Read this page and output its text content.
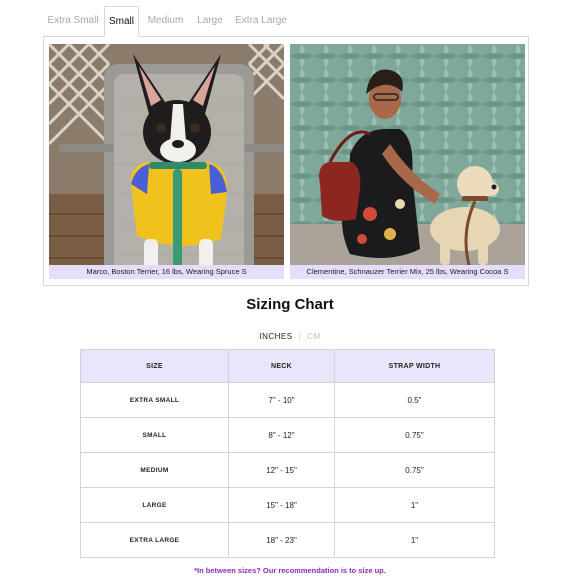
Extra Small	Small	Medium	Large	Extra Large
Marco, Boston Terrier, 16 lbs, Wearing Spruce S	Clementine, Schnauzer Terrier Mix, 25 lbs, Wearing Cocoa S
Sizing Chart
INCHES | CM
SIZE	NECK	STRAP WIDTH
EXTRA SMALL	7" - 10"	0.5"
SMALL	8" - 12"	0.75"
MEDIUM	12" - 15"	0.75"
LARGE	15" - 18"	1"
EXTRA LARGE	18" - 23"	1"
*In between sizes? Our recommendation is to size up.
